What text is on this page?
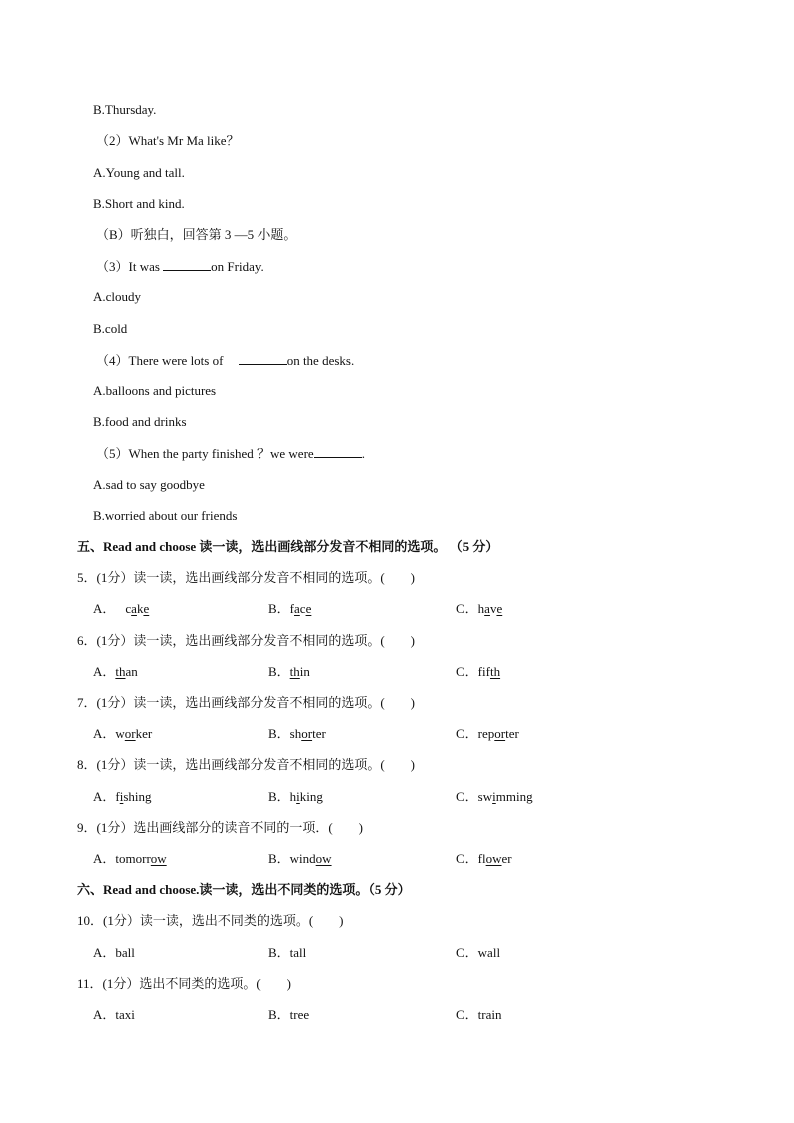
B.Thursday.
（2）What's Mr Ma like？
A.Young and tall.
B.Short and kind.
（B）听独白，回答第 3 —5 小题。
（3）It was	on Friday.
A.cloudy
B.cold
（4）There were lots of	on the desks.
A.balloons and pictures
B.food and drinks
（5）When the party finished ？we were	.
A.sad to say goodbye
B.worried about our friends
五、Read and choose 读一读，选出画线部分发音不相同的选项。 （5 分）
5．(1分）读一读，选出画线部分发音不相同的选项。(　　)
A． cake	B．face	C．have
6．(1分）读一读，选出画线部分发音不相同的选项。(　　)
A．than	B．thin	C．fifth
7．(1分）读一读，选出画线部分发音不相同的选项。(　　)
A．worker	B．shorter	C．reporter
8．(1分）读一读，选出画线部分发音不相同的选项。(　　)
A．fishing	B．hiking	C．swimming
9．(1分）选出画线部分的读音不同的一项．(　　)
A．tomorrow	B．window	C．flower
六、Read and choose.读一读，选出不同类的选项。（5 分）
10．(1分）读一读，选出不同类的选项。(　　)
A．ball	B．tall	C．wall
11．(1分）选出不同类的选项。(　　)
A．taxi	B．tree	C．train
